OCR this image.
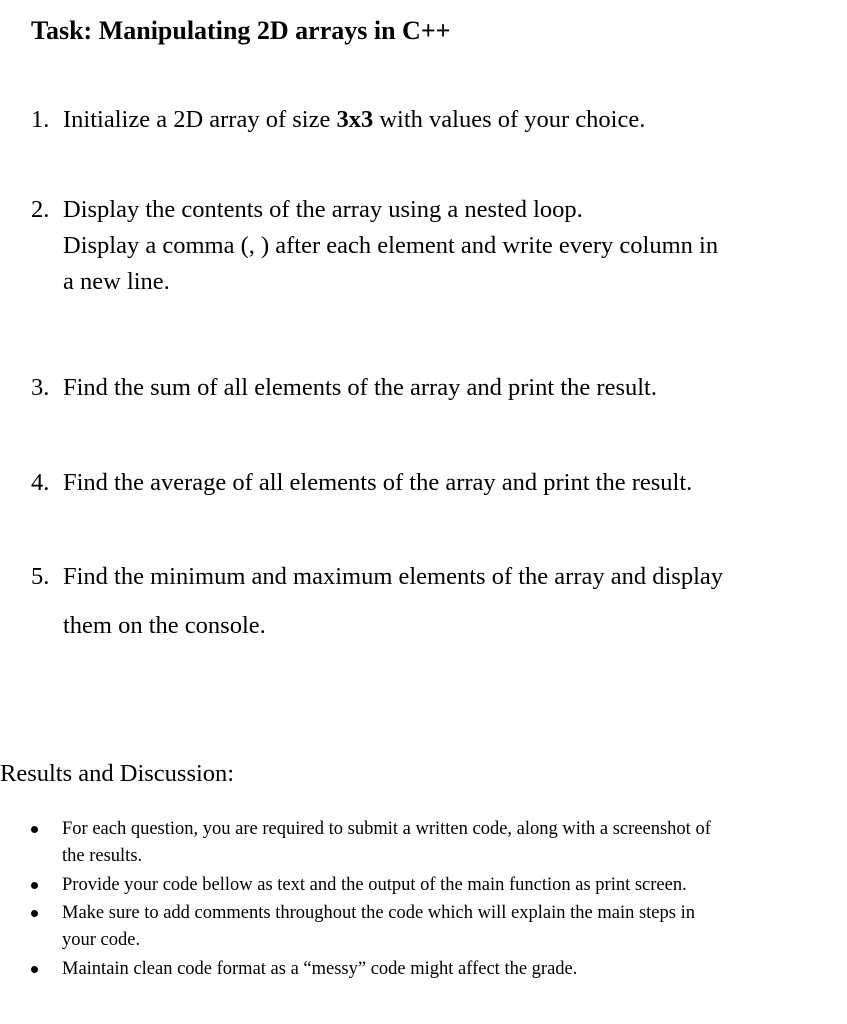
Task: Manipulating 2D arrays in C++
1. Initialize a 2D array of size 3x3 with values of your choice.
2. Display the contents of the array using a nested loop.
Display a comma (, ) after each element and write every column in
a new line.
3. Find the sum of all elements of the array and print the result.
4. Find the average of all elements of the array and print the result.
5. Find the minimum and maximum elements of the array and display
them on the console.
Results and Discussion:
For each question, you are required to submit a written code, along with a screenshot of
the results.
Provide your code bellow as text and the output of the main function as print screen.
Make sure to add comments throughout the code which will explain the main steps in
your code.
Maintain clean code format as a “messy” code might affect the grade.
